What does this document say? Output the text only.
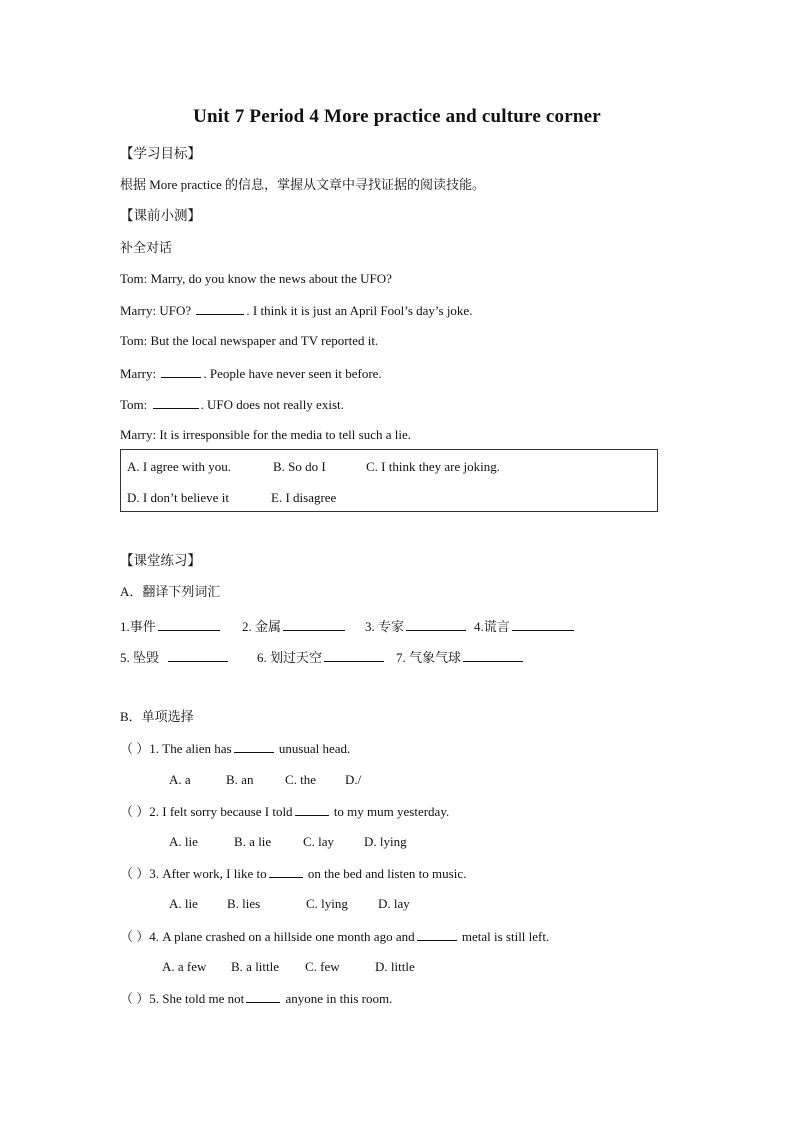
Unit 7 Period 4 More practice and culture corner
【学习目标】
根据 More practice 的信息，掌握从文章中寻找证据的阅读技能。
【课前小测】
补全对话
Tom: Marry, do you know the news about the UFO?
Marry: UFO?	. I think it is just an April Fool’s day’s joke.
Tom: But the local newspaper and TV reported it.
Marry:	. People have never seen it before.
Tom:	. UFO does not really exist.
Marry: It is irresponsible for the media to tell such a lie.
A. I agree with you.	B. So do I	C. I think they are joking.
D. I don’t believe it	E. I disagree
【课堂练习】
A．翻译下列词汇
1.事件	2. 金属	3. 专家	4.谎言
5. 坠毁	6. 划过天空	7. 气象气球
B．单项选择
（ ）1. The alien has	unusual head.
A. a	B. an C. the D./
（ ）2. I felt sorry because I told	to my mum yesterday.
A. lie	B. a lie C. lay D. lying
（ ）3. After work, I like to	on the bed and listen to music.
A. lie B. lies	C. lying D. lay
（ ）4. A plane crashed on a hillside one month ago and	metal is still left.
A. a few B. a little C. few	D. little
（ ）5. She told me not	anyone in this room.
